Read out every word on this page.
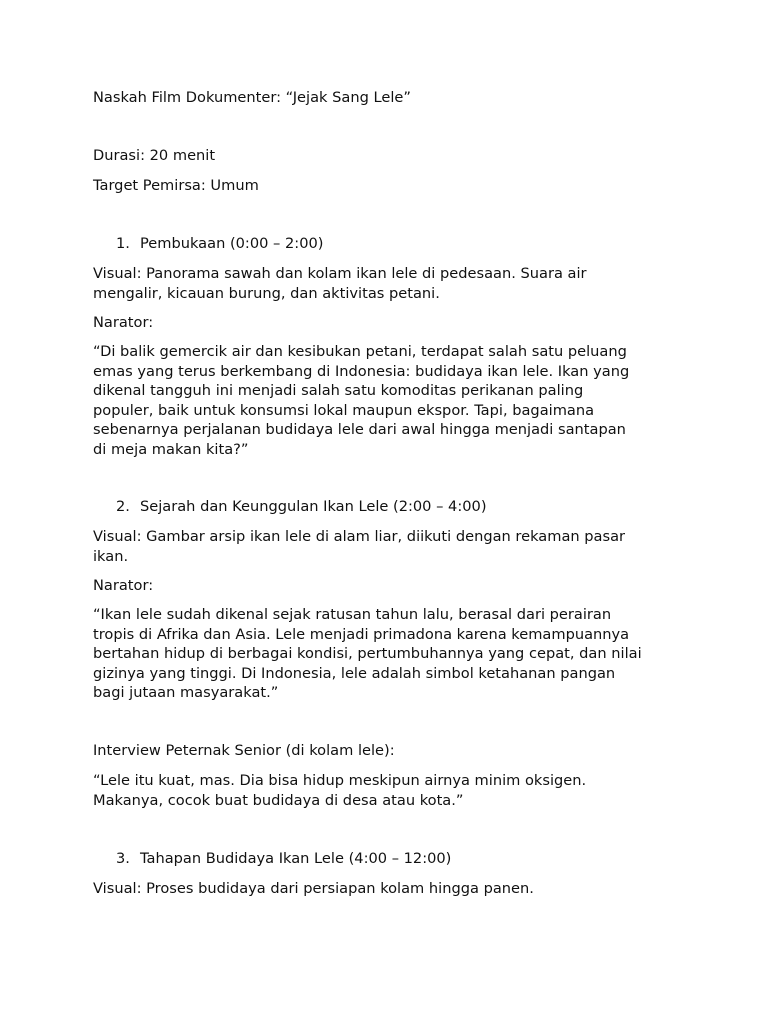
Naskah Film Dokumenter: “Jejak Sang Lele”

Durasi: 20 menit

Target Pemirsa: Umum

1. Pembukaan (0:00 – 2:00)

Visual: Panorama sawah dan kolam ikan lele di pedesaan. Suara air
mengalir, kicauan burung, dan aktivitas petani.

Narator:

“Di balik gemercik air dan kesibukan petani, terdapat salah satu peluang
emas yang terus berkembang di Indonesia: budidaya ikan lele. Ikan yang
dikenal tangguh ini menjadi salah satu komoditas perikanan paling
populer, baik untuk konsumsi lokal maupun ekspor. Tapi, bagaimana
sebenarnya perjalanan budidaya lele dari awal hingga menjadi santapan
di meja makan kita?”

2. Sejarah dan Keunggulan Ikan Lele (2:00 – 4:00)

Visual: Gambar arsip ikan lele di alam liar, diikuti dengan rekaman pasar
ikan.

Narator:

“Ikan lele sudah dikenal sejak ratusan tahun lalu, berasal dari perairan
tropis di Afrika dan Asia. Lele menjadi primadona karena kemampuannya
bertahan hidup di berbagai kondisi, pertumbuhannya yang cepat, dan nilai
gizinya yang tinggi. Di Indonesia, lele adalah simbol ketahanan pangan
bagi jutaan masyarakat.”

Interview Peternak Senior (di kolam lele):

“Lele itu kuat, mas. Dia bisa hidup meskipun airnya minim oksigen.
Makanya, cocok buat budidaya di desa atau kota.”

3. Tahapan Budidaya Ikan Lele (4:00 – 12:00)

Visual: Proses budidaya dari persiapan kolam hingga panen.
